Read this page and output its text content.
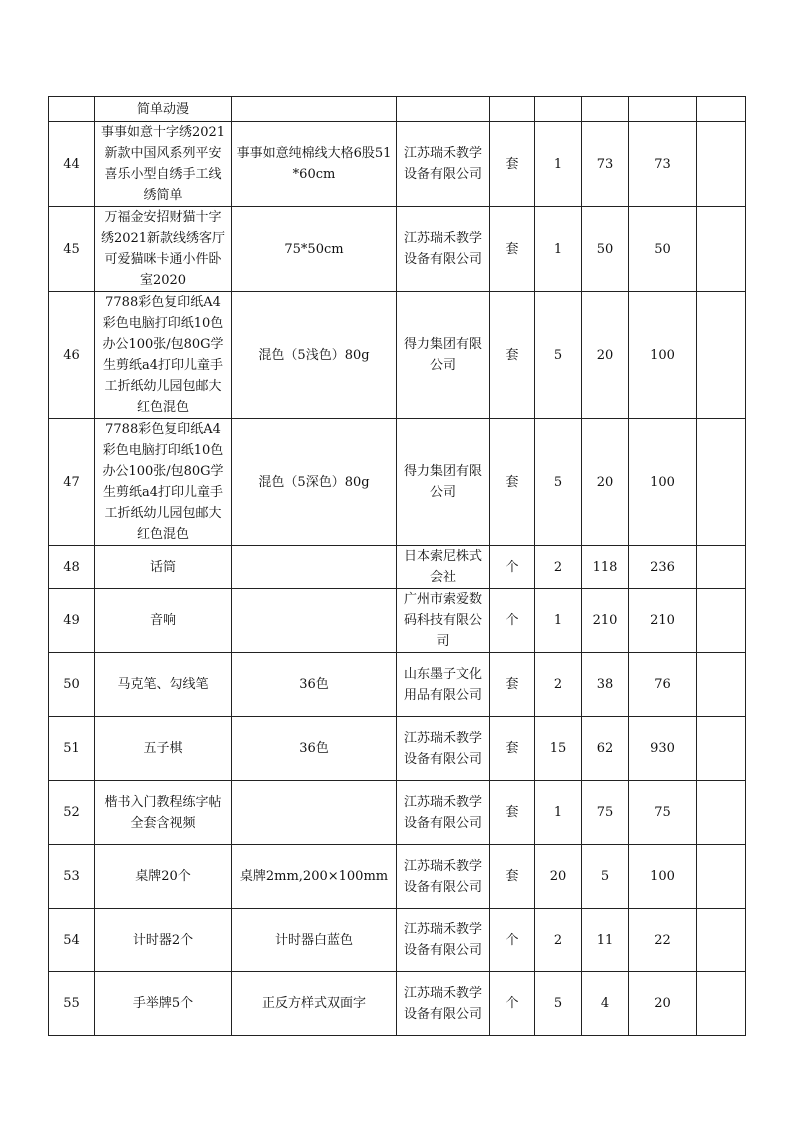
	简单动漫							
44	事事如意十字绣2021新款中国风系列平安喜乐小型自绣手工线绣简单	事事如意纯棉线大格6股51*60cm	江苏瑞禾教学设备有限公司	套	1	73	73	
45	万福金安招财猫十字绣2021新款线绣客厅可爱猫咪卡通小件卧室2020	75*50cm	江苏瑞禾教学设备有限公司	套	1	50	50	
46	7788彩色复印纸A4彩色电脑打印纸10色办公100张/包80G学生剪纸a4打印儿童手工折纸幼儿园包邮大红色混色	混色（5浅色）80g	得力集团有限公司	套	5	20	100	
47	7788彩色复印纸A4彩色电脑打印纸10色办公100张/包80G学生剪纸a4打印儿童手工折纸幼儿园包邮大红色混色	混色（5深色）80g	得力集团有限公司	套	5	20	100	
48	话筒		日本索尼株式会社	个	2	118	236	
49	音响		广州市索爱数码科技有限公司	个	1	210	210	
50	马克笔、勾线笔	36色	山东墨子文化用品有限公司	套	2	38	76	
51	五子棋	36色	江苏瑞禾教学设备有限公司	套	15	62	930	
52	楷书入门教程练字帖全套含视频		江苏瑞禾教学设备有限公司	套	1	75	75	
53	桌牌20个	桌牌2mm,200×100mm	江苏瑞禾教学设备有限公司	套	20	5	100	
54	计时器2个	计时器白蓝色	江苏瑞禾教学设备有限公司	个	2	11	22	
55	手举牌5个	正反方样式双面字	江苏瑞禾教学设备有限公司	个	5	4	20	
